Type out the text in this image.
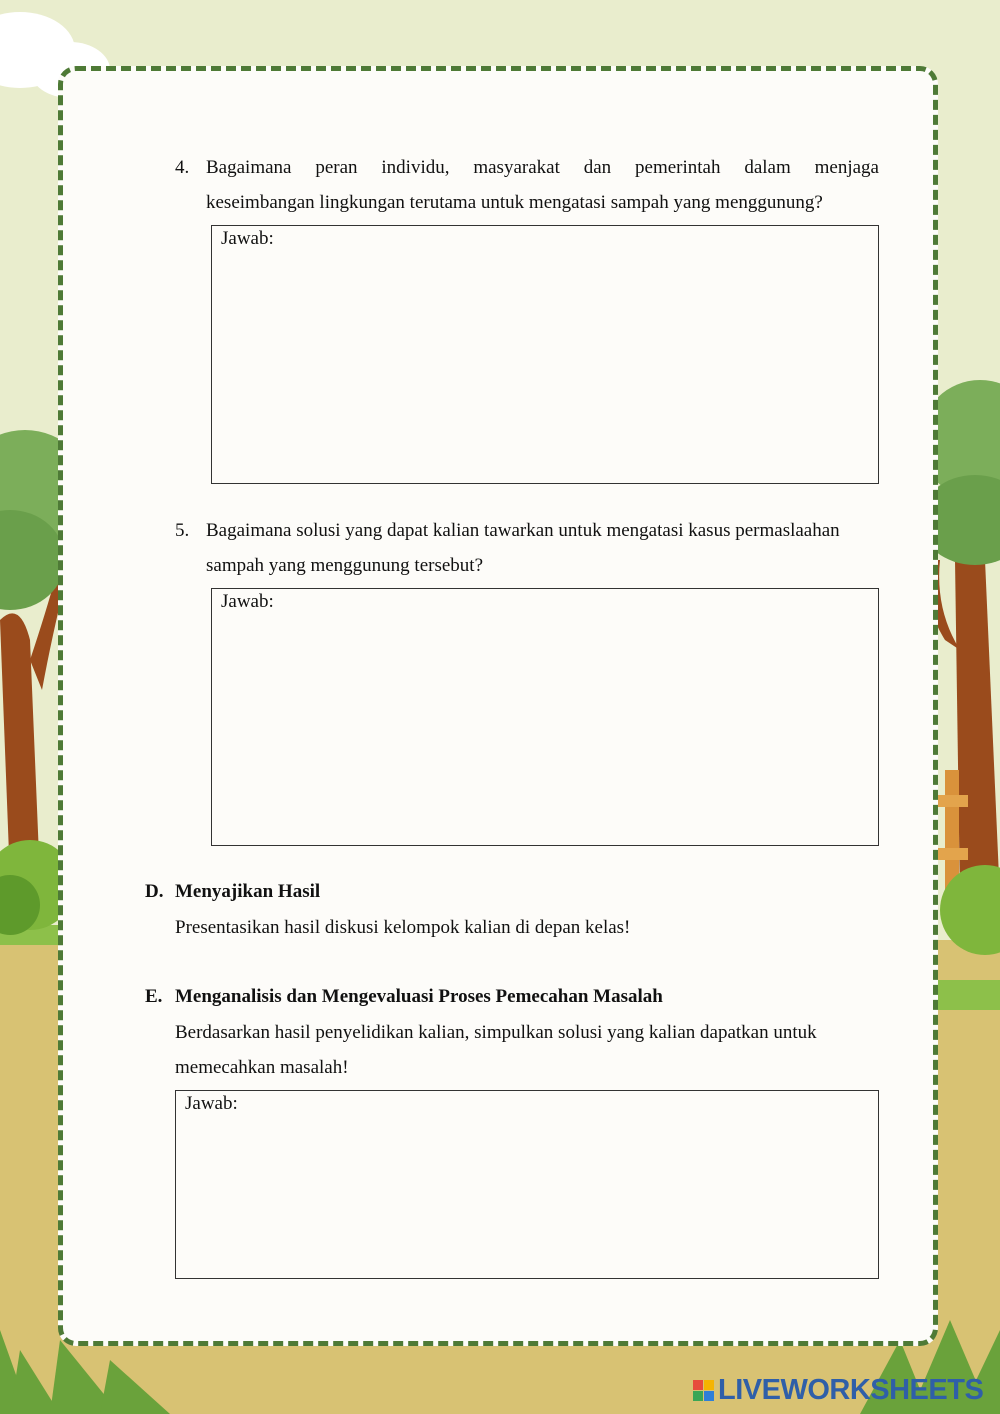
4. Bagaimana peran individu, masyarakat dan pemerintah dalam menjaga
keseimbangan lingkungan terutama untuk mengatasi sampah yang menggunung?
Jawab:
5. Bagaimana solusi yang dapat kalian tawarkan untuk mengatasi kasus permaslaahan
sampah yang menggunung tersebut?
Jawab:
D. Menyajikan Hasil
Presentasikan hasil diskusi kelompok kalian di depan kelas!
E. Menganalisis dan Mengevaluasi Proses Pemecahan Masalah
Berdasarkan hasil penyelidikan kalian, simpulkan solusi yang kalian dapatkan untuk
memecahkan masalah!
Jawab:
LIVEWORKSHEETS
